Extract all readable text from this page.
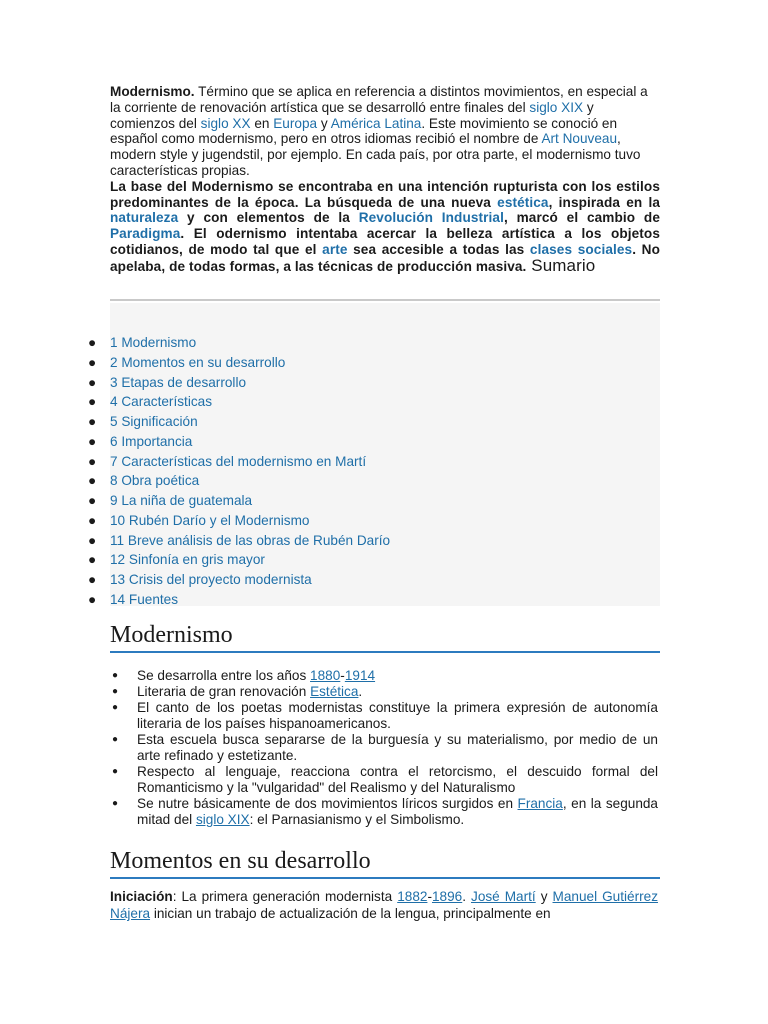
Modernismo. Término que se aplica en referencia a distintos movimientos, en especial a la corriente de renovación artística que se desarrolló entre finales del siglo XIX y comienzos del siglo XX en Europa y América Latina. Este movimiento se conoció en español como modernismo, pero en otros idiomas recibió el nombre de Art Nouveau, modern style y jugendstil, por ejemplo. En cada país, por otra parte, el modernismo tuvo características propias.

La base del Modernismo se encontraba en una intención rupturista con los estilos predominantes de la época. La búsqueda de una nueva estética, inspirada en la naturaleza y con elementos de la Revolución Industrial, marcó el cambio de Paradigma. El odernismo intentaba acercar la belleza artística a los objetos cotidianos, de modo tal que el arte sea accesible a todas las clases sociales. No apelaba, de todas formas, a las técnicas de producción masiva. Sumario

● 1 Modernismo
● 2 Momentos en su desarrollo
● 3 Etapas de desarrollo
● 4 Características
● 5 Significación
● 6 Importancia
● 7 Características del modernismo en Martí
● 8 Obra poética
● 9 La niña de guatemala
● 10 Rubén Darío y el Modernismo
● 11 Breve análisis de las obras de Rubén Darío
● 12 Sinfonía en gris mayor
● 13 Crisis del proyecto modernista
● 14 Fuentes
Modernismo
● Se desarrolla entre los años 1880-1914
● Literaria de gran renovación Estética.
● El canto de los poetas modernistas constituye la primera expresión de autonomía literaria de los países hispanoamericanos.
● Esta escuela busca separarse de la burguesía y su materialismo, por medio de un arte refinado y estetizante.
● Respecto al lenguaje, reacciona contra el retorcismo, el descuido formal del Romanticismo y la "vulgaridad" del Realismo y del Naturalismo
● Se nutre básicamente de dos movimientos líricos surgidos en Francia, en la segunda mitad del siglo XIX: el Parnasianismo y el Simbolismo.
Momentos en su desarrollo

Iniciación: La primera generación modernista 1882-1896. José Martí y Manuel Gutiérrez Nájera inician un trabajo de actualización de la lengua, principalmente en
